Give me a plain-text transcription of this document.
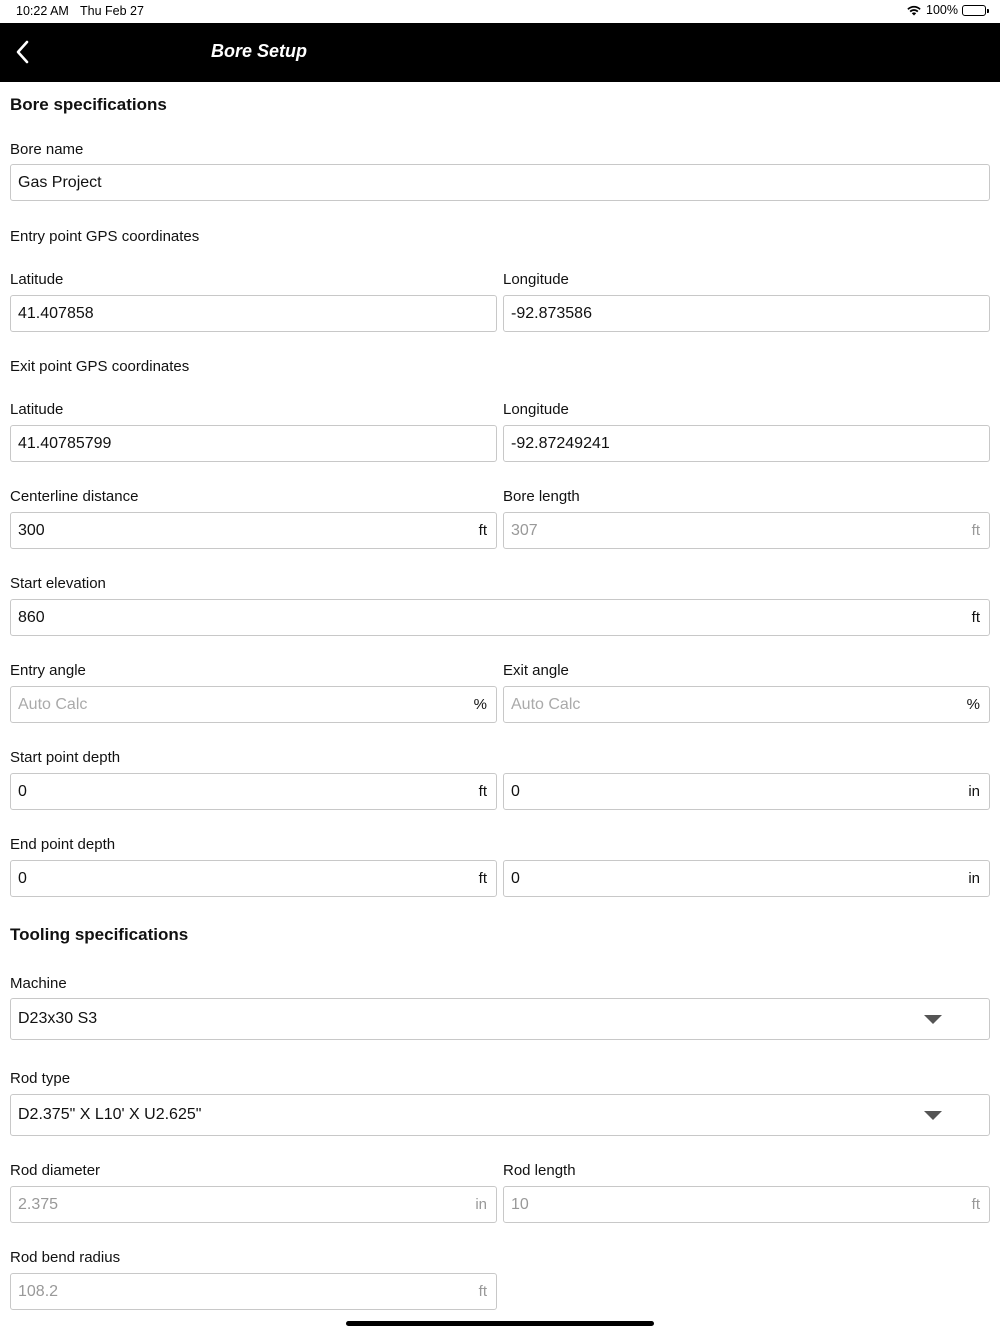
10:22 AM Thu Feb 27	100%
Bore Setup
Bore specifications
Bore name
Gas Project
Entry point GPS coordinates
Latitude	Longitude
41.407858	-92.873586
Exit point GPS coordinates
Latitude	Longitude
41.40785799	-92.87249241
Centerline distance	Bore length
300	ft 307	ft
Start elevation
860	ft
Entry angle	Exit angle
Auto Calc	% Auto Calc	%
Start point depth
0	ft 0	in
End point depth
0	ft 0	in
Tooling specifications
Machine
D23x30 S3
Rod type
D2.375" X L10' X U2.625"
Rod diameter	Rod length
2.375	in 10	ft
Rod bend radius
108.2	ft
